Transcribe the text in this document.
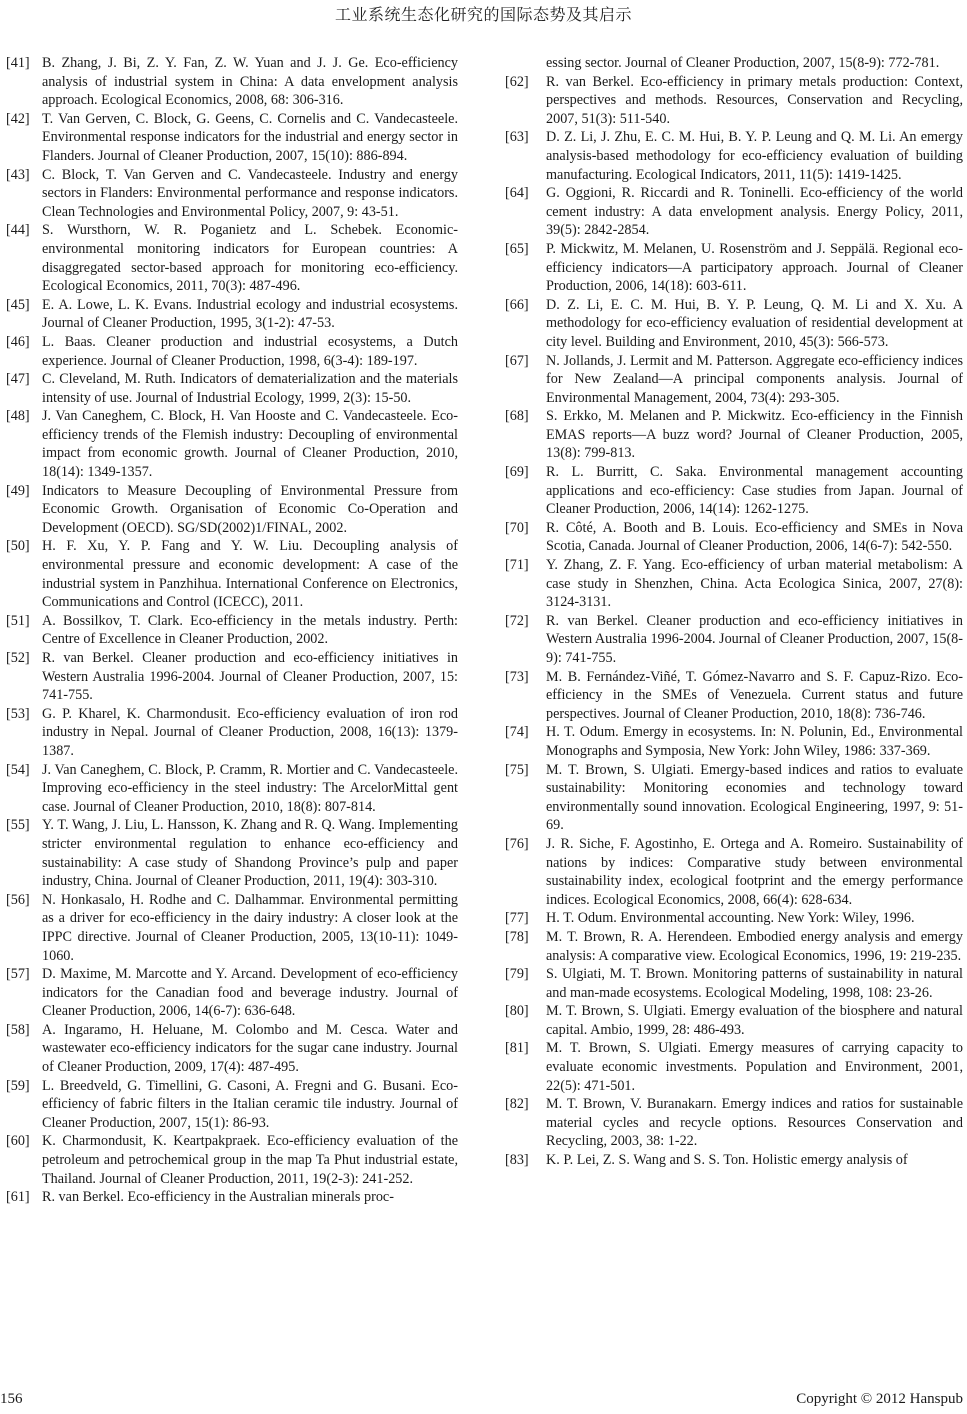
工业系统生态化研究的国际态势及其启示
[41] B. Zhang, J. Bi, Z. Y. Fan, Z. W. Yuan and J. J. Ge. Eco-efficiency analysis of industrial system in China: A data envelopment analysis approach. Ecological Economics, 2008, 68: 306-316.
[42] T. Van Gerven, C. Block, G. Geens, C. Cornelis and C. Vandecasteele. Environmental response indicators for the industrial and energy sector in Flanders. Journal of Cleaner Production, 2007, 15(10): 886-894.
[43] C. Block, T. Van Gerven and C. Vandecasteele. Industry and energy sectors in Flanders: Environmental performance and response indicators. Clean Technologies and Environmental Policy, 2007, 9: 43-51.
[44] S. Wursthorn, W. R. Poganietz and L. Schebek. Economic-environmental monitoring indicators for European countries: A disaggregated sector-based approach for monitoring eco-efficiency. Ecological Economics, 2011, 70(3): 487-496.
[45] E. A. Lowe, L. K. Evans. Industrial ecology and industrial ecosystems. Journal of Cleaner Production, 1995, 3(1-2): 47-53.
[46] L. Baas. Cleaner production and industrial ecosystems, a Dutch experience. Journal of Cleaner Production, 1998, 6(3-4): 189-197.
[47] C. Cleveland, M. Ruth. Indicators of dematerialization and the materials intensity of use. Journal of Industrial Ecology, 1999, 2(3): 15-50.
[48] J. Van Caneghem, C. Block, H. Van Hooste and C. Vandecasteele. Eco-efficiency trends of the Flemish industry: Decoupling of environmental impact from economic growth. Journal of Cleaner Production, 2010, 18(14): 1349-1357.
[49] Indicators to Measure Decoupling of Environmental Pressure from Economic Growth. Organisation of Economic Co-Operation and Development (OECD). SG/SD(2002)1/FINAL, 2002.
[50] H. F. Xu, Y. P. Fang and Y. W. Liu. Decoupling analysis of environmental pressure and economic development: A case of the industrial system in Panzhihua. International Conference on Electronics, Communications and Control (ICECC), 2011.
[51] A. Bossilkov, T. Clark. Eco-efficiency in the metals industry. Perth: Centre of Excellence in Cleaner Production, 2002.
[52] R. van Berkel. Cleaner production and eco-efficiency initiatives in Western Australia 1996-2004. Journal of Cleaner Production, 2007, 15: 741-755.
[53] G. P. Kharel, K. Charmondusit. Eco-efficiency evaluation of iron rod industry in Nepal. Journal of Cleaner Production, 2008, 16(13): 1379-1387.
[54] J. Van Caneghem, C. Block, P. Cramm, R. Mortier and C. Vandecasteele. Improving eco-efficiency in the steel industry: The ArcelorMittal gent case. Journal of Cleaner Production, 2010, 18(8): 807-814.
[55] Y. T. Wang, J. Liu, L. Hansson, K. Zhang and R. Q. Wang. Implementing stricter environmental regulation to enhance eco-efficiency and sustainability: A case study of Shandong Province’s pulp and paper industry, China. Journal of Cleaner Production, 2011, 19(4): 303-310.
[56] N. Honkasalo, H. Rodhe and C. Dalhammar. Environmental permitting as a driver for eco-efficiency in the dairy industry: A closer look at the IPPC directive. Journal of Cleaner Production, 2005, 13(10-11): 1049-1060.
[57] D. Maxime, M. Marcotte and Y. Arcand. Development of eco-efficiency indicators for the Canadian food and beverage industry. Journal of Cleaner Production, 2006, 14(6-7): 636-648.
[58] A. Ingaramo, H. Heluane, M. Colombo and M. Cesca. Water and wastewater eco-efficiency indicators for the sugar cane industry. Journal of Cleaner Production, 2009, 17(4): 487-495.
[59] L. Breedveld, G. Timellini, G. Casoni, A. Fregni and G. Busani. Eco-efficiency of fabric filters in the Italian ceramic tile industry. Journal of Cleaner Production, 2007, 15(1): 86-93.
[60] K. Charmondusit, K. Keartpakpraek. Eco-efficiency evaluation of the petroleum and petrochemical group in the map Ta Phut industrial estate, Thailand. Journal of Cleaner Production, 2011, 19(2-3): 241-252.
[61] R. van Berkel. Eco-efficiency in the Australian minerals proc-
essing sector. Journal of Cleaner Production, 2007, 15(8-9): 772-781.
[62]	R. van Berkel. Eco-efficiency in primary metals production: Context, perspectives and methods. Resources, Conservation and Recycling, 2007, 51(3): 511-540.
[63]	D. Z. Li, J. Zhu, E. C. M. Hui, B. Y. P. Leung and Q. M. Li. An emergy analysis-based methodology for eco-efficiency evaluation of building manufacturing. Ecological Indicators, 2011, 11(5): 1419-1425.
[64]	G. Oggioni, R. Riccardi and R. Toninelli. Eco-efficiency of the world cement industry: A data envelopment analysis. Energy Policy, 2011, 39(5): 2842-2854.
[65]	P. Mickwitz, M. Melanen, U. Rosenström and J. Seppälä. Regional eco-efficiency indicators—A participatory approach. Journal of Cleaner Production, 2006, 14(18): 603-611.
[66]	D. Z. Li, E. C. M. Hui, B. Y. P. Leung, Q. M. Li and X. Xu. A methodology for eco-efficiency evaluation of residential development at city level. Building and Environment, 2010, 45(3): 566-573.
[67]	N. Jollands, J. Lermit and M. Patterson. Aggregate eco-efficiency indices for New Zealand—A principal components analysis. Journal of Environmental Management, 2004, 73(4): 293-305.
[68]	S. Erkko, M. Melanen and P. Mickwitz. Eco-efficiency in the Finnish EMAS reports—A buzz word? Journal of Cleaner Production, 2005, 13(8): 799-813.
[69]	R. L. Burritt, C. Saka. Environmental management accounting applications and eco-efficiency: Case studies from Japan. Journal of Cleaner Production, 2006, 14(14): 1262-1275.
[70]	R. Côté, A. Booth and B. Louis. Eco-efficiency and SMEs in Nova Scotia, Canada. Journal of Cleaner Production, 2006, 14(6-7): 542-550.
[71]	Y. Zhang, Z. F. Yang. Eco-efficiency of urban material metabolism: A case study in Shenzhen, China. Acta Ecologica Sinica, 2007, 27(8): 3124-3131.
[72]	R. van Berkel. Cleaner production and eco-efficiency initiatives in Western Australia 1996-2004. Journal of Cleaner Production, 2007, 15(8-9): 741-755.
[73]	M. B. Fernández-Viñé, T. Gómez-Navarro and S. F. Capuz-Rizo. Eco-efficiency in the SMEs of Venezuela. Current status and future perspectives. Journal of Cleaner Production, 2010, 18(8): 736-746.
[74]	H. T. Odum. Emergy in ecosystems. In: N. Polunin, Ed., Environmental Monographs and Symposia, New York: John Wiley, 1986: 337-369.
[75]	M. T. Brown, S. Ulgiati. Emergy-based indices and ratios to evaluate sustainability: Monitoring economies and technology toward environmentally sound innovation. Ecological Engineering, 1997, 9: 51-69.
[76]	J. R. Siche, F. Agostinho, E. Ortega and A. Romeiro. Sustainability of nations by indices: Comparative study between environmental sustainability index, ecological footprint and the emergy performance indices. Ecological Economics, 2008, 66(4): 628-634.
[77]	H. T. Odum. Environmental accounting. New York: Wiley, 1996.
[78]	M. T. Brown, R. A. Herendeen. Embodied energy analysis and emergy analysis: A comparative view. Ecological Economics, 1996, 19: 219-235.
[79]	S. Ulgiati, M. T. Brown. Monitoring patterns of sustainability in natural and man-made ecosystems. Ecological Modeling, 1998, 108: 23-26.
[80]	M. T. Brown, S. Ulgiati. Emergy evaluation of the biosphere and natural capital. Ambio, 1999, 28: 486-493.
[81]	M. T. Brown, S. Ulgiati. Emergy measures of carrying capacity to evaluate economic investments. Population and Environment, 2001, 22(5): 471-501.
[82]	M. T. Brown, V. Buranakarn. Emergy indices and ratios for sustainable material cycles and recycle options. Resources Conservation and Recycling, 2003, 38: 1-22.
[83]	K. P. Lei, Z. S. Wang and S. S. Ton. Holistic emergy analysis of
156	Copyright © 2012 Hanspub
